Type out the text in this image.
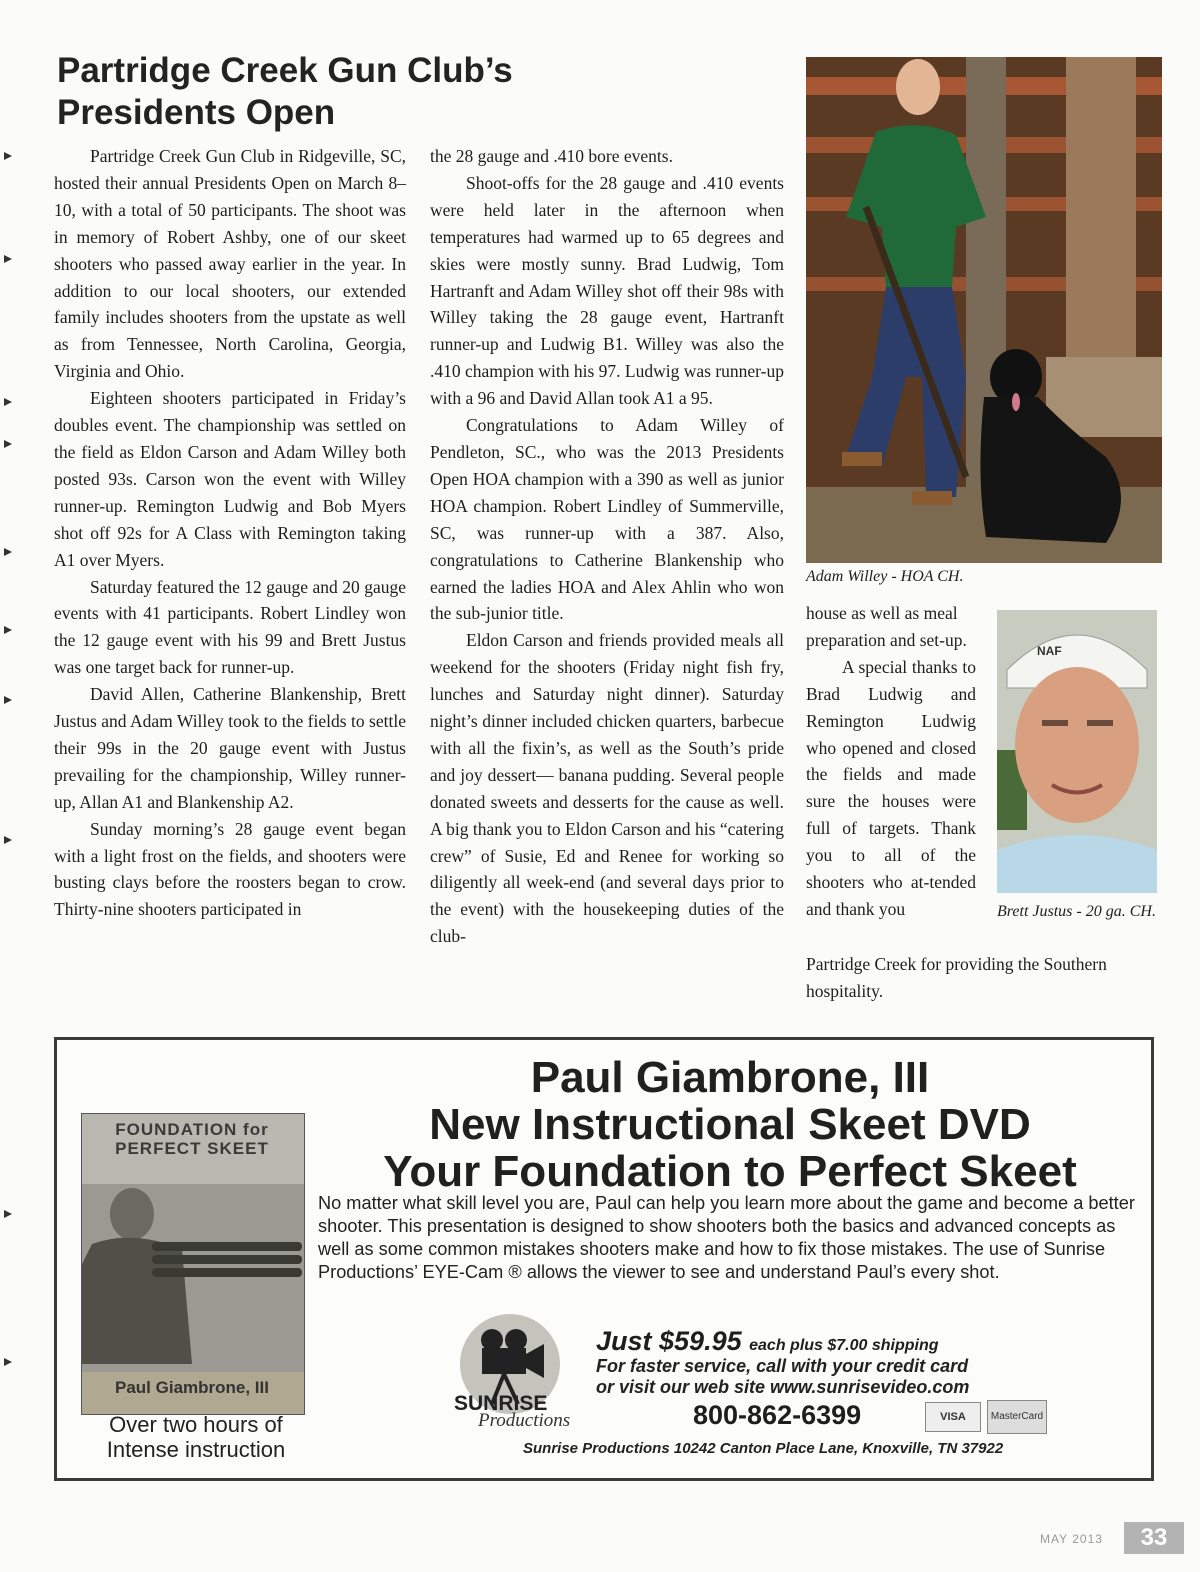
Partridge Creek Gun Club’s Presidents Open

Partridge Creek Gun Club in Ridgeville, SC, hosted their annual Presidents Open on March 8–10, with a total of 50 participants. The shoot was in memory of Robert Ashby, one of our skeet shooters who passed away earlier in the year. In addition to our local shooters, our extended family includes shooters from the upstate as well as from Tennessee, North Carolina, Georgia, Virginia and Ohio.

Eighteen shooters participated in Friday’s doubles event. The championship was settled on the field as Eldon Carson and Adam Willey both posted 93s. Carson won the event with Willey runner-up. Remington Ludwig and Bob Myers shot off 92s for A Class with Remington taking A1 over Myers.

Saturday featured the 12 gauge and 20 gauge events with 41 participants. Robert Lindley won the 12 gauge event with his 99 and Brett Justus was one target back for runner-up.

David Allen, Catherine Blankenship, Brett Justus and Adam Willey took to the fields to settle their 99s in the 20 gauge event with Justus prevailing for the championship, Willey runner-up, Allan A1 and Blankenship A2.

Sunday morning’s 28 gauge event began with a light frost on the fields, and shooters were busting clays before the roosters began to crow. Thirty-nine shooters participated in

the 28 gauge and .410 bore events.

Shoot-offs for the 28 gauge and .410 events were held later in the afternoon when temperatures had warmed up to 65 degrees and skies were mostly sunny. Brad Ludwig, Tom Hartranft and Adam Willey shot off their 98s with Willey taking the 28 gauge event, Hartranft runner-up and Ludwig B1. Willey was also the .410 champion with his 97. Ludwig was runner-up with a 96 and David Allan took A1 a 95.

Congratulations to Adam Willey of Pendleton, SC., who was the 2013 Presidents Open HOA champion with a 390 as well as junior HOA champion. Robert Lindley of Summerville, SC, was runner-up with a 387. Also, congratulations to Catherine Blankenship who earned the ladies HOA and Alex Ahlin who won the sub-junior title.

Eldon Carson and friends provided meals all weekend for the shooters (Friday night fish fry, lunches and Saturday night dinner). Saturday night’s dinner included chicken quarters, barbecue with all the fixin’s, as well as the South’s pride and joy dessert— banana pudding. Several people donated sweets and desserts for the cause as well. A big thank you to Eldon Carson and his “catering crew” of Susie, Ed and Renee for working so diligently all week-end (and several days prior to the event) with the housekeeping duties of the club-

Adam Willey - HOA CH.

house as well as meal preparation and set-up.

A special thanks to Brad Ludwig and Remington Ludwig who opened and closed the fields and made sure the houses were full of targets. Thank you to all of the shooters who at-tended and thank you

Partridge Creek for providing the Southern hospitality.

NAF
Brett Justus - 20 ga. CH.
FOUNDATION for PERFECT SKEET
Paul Giambrone, III
Paul Giambrone, III
New Instructional Skeet DVD
Your Foundation to Perfect Skeet
No matter what skill level you are, Paul can help you learn more about the game and become a better shooter. This presentation is designed to show shooters both the basics and advanced concepts as well as some common mistakes shooters make and how to fix those mistakes. The use of Sunrise Productions’ EYE-Cam ® allows the viewer to see and understand Paul’s every shot.
Over two hours of Intense instruction
SUNRISE
Productions
Just $59.95 each plus $7.00 shipping
For faster service, call with your credit card
or visit our web site www.sunrisevideo.com
800-862-6399	VISA	MasterCard
Sunrise Productions 10242 Canton Place Lane, Knoxville, TN 37922
MAY 2013	33
